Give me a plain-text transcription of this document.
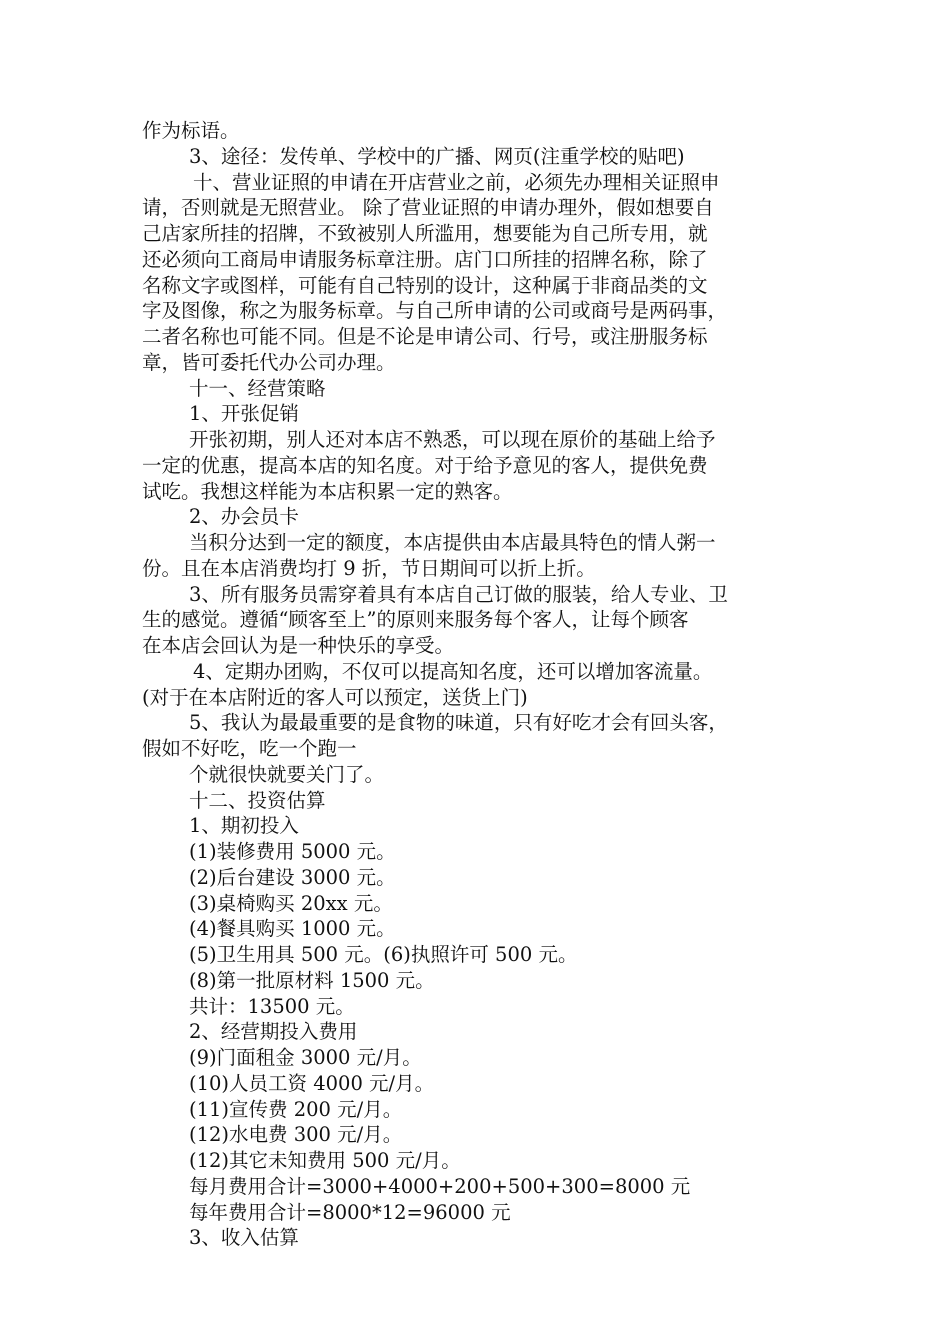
作为标语。
3、途径：发传单、学校中的广播、网页(注重学校的贴吧)
十、营业证照的申请在开店营业之前，必须先办理相关证照申
请，否则就是无照营业。 除了营业证照的申请办理外，假如想要自
己店家所挂的招牌，不致被别人所滥用，想要能为自己所专用，就
还必须向工商局申请服务标章注册。店门口所挂的招牌名称，除了
名称文字或图样，可能有自己特别的设计，这种属于非商品类的文
字及图像，称之为服务标章。与自己所申请的公司或商号是两码事，
二者名称也可能不同。但是不论是申请公司、行号，或注册服务标
章，皆可委托代办公司办理。
十一、经营策略
1、开张促销
开张初期，别人还对本店不熟悉，可以现在原价的基础上给予
一定的优惠，提高本店的知名度。对于给予意见的客人，提供免费
试吃。我想这样能为本店积累一定的熟客。
2、办会员卡
当积分达到一定的额度，本店提供由本店最具特色的情人粥一
份。且在本店消费均打 9 折，节日期间可以折上折。
3、所有服务员需穿着具有本店自己订做的服装，给人专业、卫
生的感觉。遵循“顾客至上”的原则来服务每个客人，让每个顾客
在本店会回认为是一种快乐的享受。
4、定期办团购，不仅可以提高知名度，还可以增加客流量。
(对于在本店附近的客人可以预定，送货上门)
5、我认为最最重要的是食物的味道，只有好吃才会有回头客，
假如不好吃，吃一个跑一
个就很快就要关门了。
十二、投资估算
1、期初投入
(1)装修费用 5000 元。
(2)后台建设 3000 元。
(3)桌椅购买 20xx 元。
(4)餐具购买 1000 元。
(5)卫生用具 500 元。(6)执照许可 500 元。
(8)第一批原材料 1500 元。
共计：13500 元。
2、经营期投入费用
(9)门面租金 3000 元/月。
(10)人员工资 4000 元/月。
(11)宣传费 200 元/月。
(12)水电费 300 元/月。
(12)其它未知费用 500 元/月。
每月费用合计=3000+4000+200+500+300=8000 元
每年费用合计=8000*12=96000 元
3、收入估算
